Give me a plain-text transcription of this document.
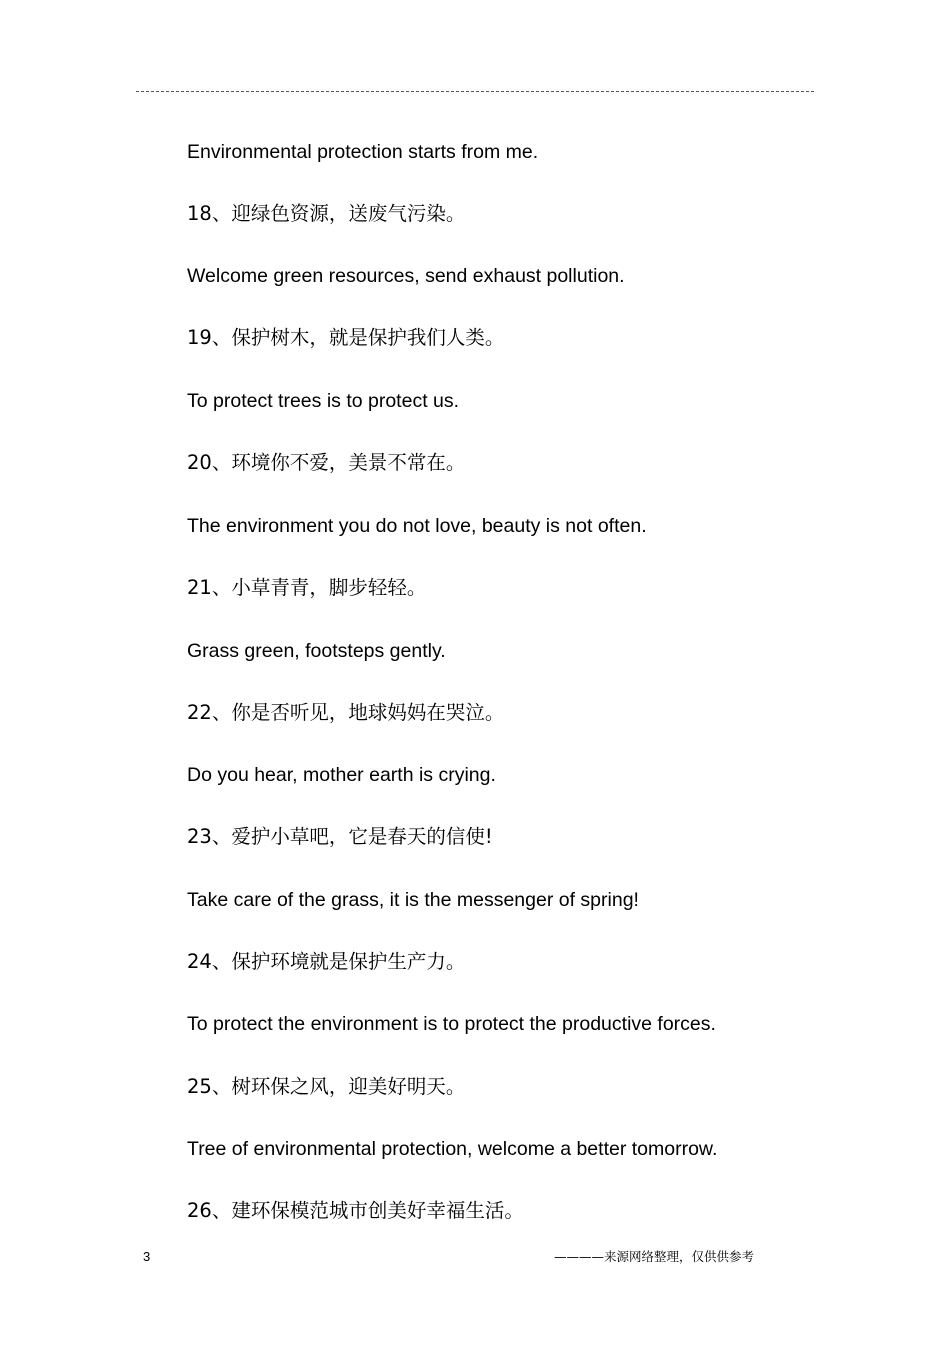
Environmental protection starts from me.
18、迎绿色资源，送废气污染。
Welcome green resources, send exhaust pollution.
19、保护树木，就是保护我们人类。
To protect trees is to protect us.
20、环境你不爱，美景不常在。
The environment you do not love, beauty is not often.
21、小草青青，脚步轻轻。
Grass green, footsteps gently.
22、你是否听见，地球妈妈在哭泣。
Do you hear, mother earth is crying.
23、爱护小草吧，它是春天的信使!
Take care of the grass, it is the messenger of spring!
24、保护环境就是保护生产力。
To protect the environment is to protect the productive forces.
25、树环保之风，迎美好明天。
Tree of environmental protection, welcome a better tomorrow.
26、建环保模范城市创美好幸福生活。
3	————来源网络整理，仅供供参考
